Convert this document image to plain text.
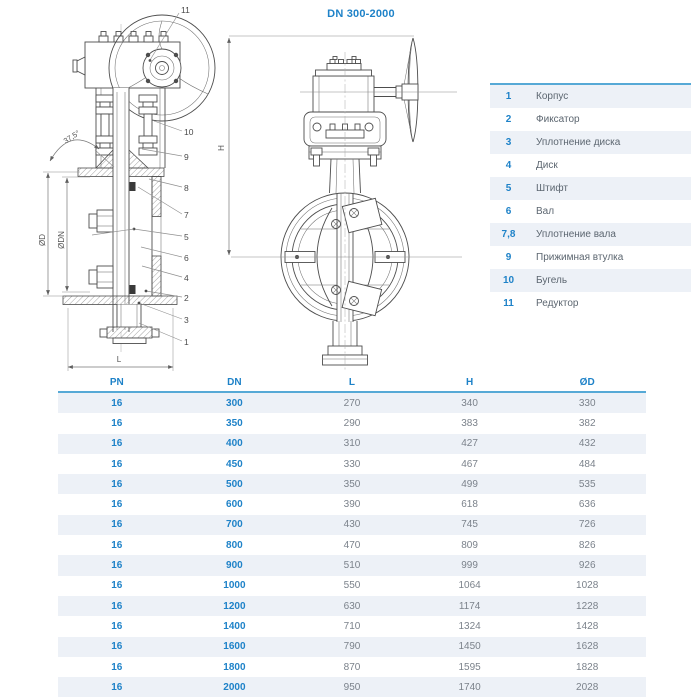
DN 300-2000
37,5°
ØD ØDN
L
11
10
9
8
7
5
6
4
2
3
1
H
1	Корпус
2	Фиксатор
3	Уплотнение диска
4	Диск
5	Штифт
6	Вал
7,8	Уплотнение вала
9	Прижимная втулка
10	Бугель
11	Редуктор
PN	DN	L	H	ØD
16	300	270	340	330
16	350	290	383	382
16	400	310	427	432
16	450	330	467	484
16	500	350	499	535
16	600	390	618	636
16	700	430	745	726
16	800	470	809	826
16	900	510	999	926
16	1000	550	1064	1028
16	1200	630	1174	1228
16	1400	710	1324	1428
16	1600	790	1450	1628
16	1800	870	1595	1828
16	2000	950	1740	2028
